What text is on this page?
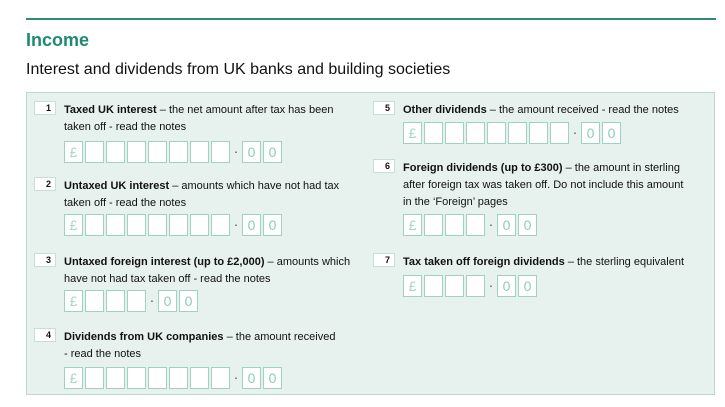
Income
Interest and dividends from UK banks and building societies
1	Taxed UK interest – the net amount after tax has been
taken off - read the notes
£	· 0 0
2	Untaxed UK interest – amounts which have not had tax
taken off - read the notes
£	· 0 0
3	Untaxed foreign interest (up to £2,000) – amounts which
have not had tax taken off - read the notes
£	· 0 0
4	Dividends from UK companies – the amount received
- read the notes
£	· 0 0
5	Other dividends – the amount received - read the notes
£	· 0 0
6	Foreign dividends (up to £300) – the amount in sterling
after foreign tax was taken off. Do not include this amount
in the ‘Foreign’ pages
£	· 0 0
7	Tax taken off foreign dividends – the sterling equivalent
£	· 0 0
